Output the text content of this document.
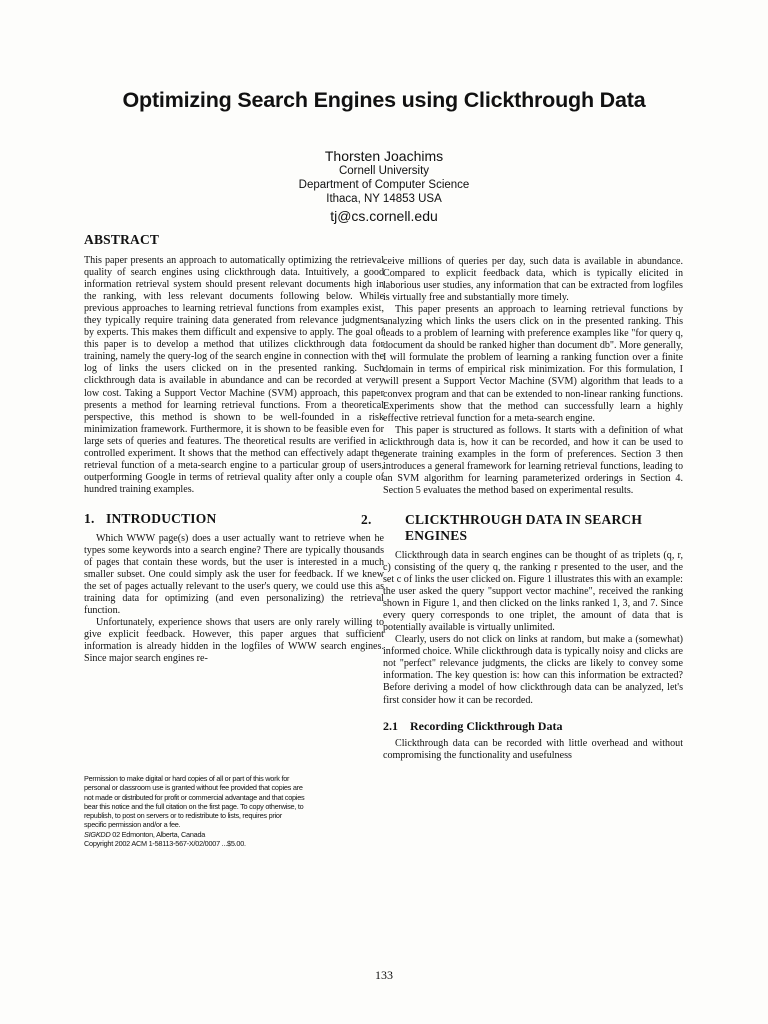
Optimizing Search Engines using Clickthrough Data
Thorsten Joachims
Cornell University
Department of Computer Science
Ithaca, NY 14853 USA
tj@cs.cornell.edu
ABSTRACT

This paper presents an approach to automatically optimizing the retrieval quality of search engines using clickthrough data. Intuitively, a good information retrieval system should present relevant documents high in the ranking, with less relevant documents following below. While previous approaches to learning retrieval functions from examples exist, they typically require training data generated from relevance judgments by experts. This makes them difficult and expensive to apply. The goal of this paper is to develop a method that utilizes clickthrough data for training, namely the query-log of the search engine in connection with the log of links the users clicked on in the presented ranking. Such clickthrough data is available in abundance and can be recorded at very low cost. Taking a Support Vector Machine (SVM) approach, this paper presents a method for learning retrieval functions. From a theoretical perspective, this method is shown to be well-founded in a risk minimization framework. Furthermore, it is shown to be feasible even for large sets of queries and features. The theoretical results are verified in a controlled experiment. It shows that the method can effectively adapt the retrieval function of a meta-search engine to a particular group of users, outperforming Google in terms of retrieval quality after only a couple of hundred training examples.

1. INTRODUCTION

Which WWW page(s) does a user actually want to retrieve when he types some keywords into a search engine? There are typically thousands of pages that contain these words, but the user is interested in a much smaller subset. One could simply ask the user for feedback. If we knew the set of pages actually relevant to the user's query, we could use this as training data for optimizing (and even personalizing) the retrieval function.

Unfortunately, experience shows that users are only rarely willing to give explicit feedback. However, this paper argues that sufficient information is already hidden in the logfiles of WWW search engines. Since major search engines re-

ceive millions of queries per day, such data is available in abundance. Compared to explicit feedback data, which is typically elicited in laborious user studies, any information that can be extracted from logfiles is virtually free and substantially more timely.

This paper presents an approach to learning retrieval functions by analyzing which links the users click on in the presented ranking. This leads to a problem of learning with preference examples like "for query q, document da should be ranked higher than document db". More generally, I will formulate the problem of learning a ranking function over a finite domain in terms of empirical risk minimization. For this formulation, I will present a Support Vector Machine (SVM) algorithm that leads to a convex program and that can be extended to non-linear ranking functions. Experiments show that the method can successfully learn a highly effective retrieval function for a meta-search engine.

This paper is structured as follows. It starts with a definition of what clickthrough data is, how it can be recorded, and how it can be used to generate training examples in the form of preferences. Section 3 then introduces a general framework for learning retrieval functions, leading to an SVM algorithm for learning parameterized orderings in Section 4. Section 5 evaluates the method based on experimental results.

2. CLICKTHROUGH DATA IN SEARCH ENGINES

Clickthrough data in search engines can be thought of as triplets (q, r, c) consisting of the query q, the ranking r presented to the user, and the set c of links the user clicked on. Figure 1 illustrates this with an example: the user asked the query "support vector machine", received the ranking shown in Figure 1, and then clicked on the links ranked 1, 3, and 7. Since every query corresponds to one triplet, the amount of data that is potentially available is virtually unlimited.

Clearly, users do not click on links at random, but make a (somewhat) informed choice. While clickthrough data is typically noisy and clicks are not "perfect" relevance judgments, the clicks are likely to convey some information. The key question is: how can this information be extracted? Before deriving a model of how clickthrough data can be analyzed, let's first consider how it can be recorded.

2.1 Recording Clickthrough Data

Clickthrough data can be recorded with little overhead and without compromising the functionality and usefulness

Permission to make digital or hard copies of all or part of this work for personal or classroom use is granted without fee provided that copies are not made or distributed for profit or commercial advantage and that copies bear this notice and the full citation on the first page. To copy otherwise, to republish, to post on servers or to redistribute to lists, requires prior specific permission and/or a fee.

SIGKDD 02 Edmonton, Alberta, Canada

Copyright 2002 ACM 1-58113-567-X/02/0007 ...$5.00.

133
